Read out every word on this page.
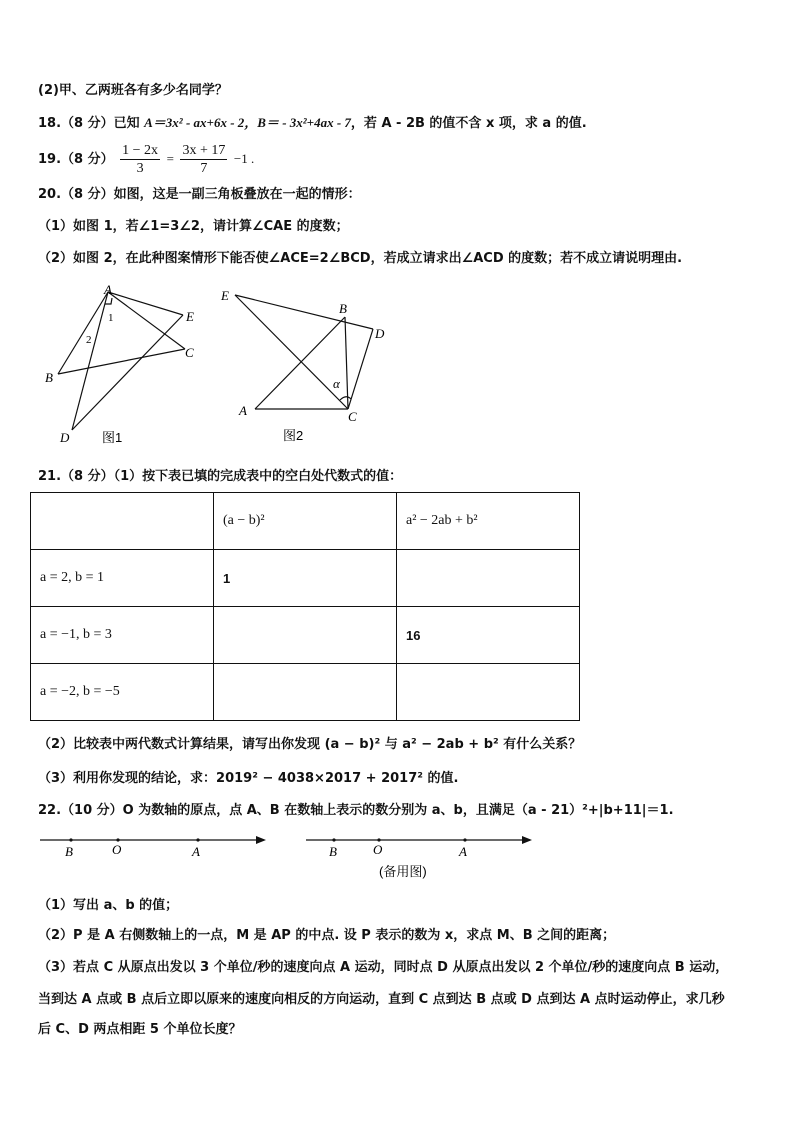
(2)甲、乙两班各有多少名同学？
18.（8 分）已知 A＝3x² - ax+6x - 2，B＝ - 3x²+4ax - 7，若 A - 2B 的值不含 x 项，求 a 的值.
19.（8 分） $\frac{1 - 2x}{3} = \frac{3x + 17}{7} -1$ .
20.（8 分）如图，这是一副三角板叠放在一起的情形：
（1）如图 1，若∠1=3∠2，请计算∠CAE 的度数；
（2）如图 2，在此种图案情形下能否使∠ACE=2∠BCD，若成立请求出∠ACD 的度数；若不成立请说明理由.
A
B
C
D
E
1
2
图1
E
B
D
A	C
α
图2
21.（8 分）（1）按下表已填的完成表中的空白处代数式的值：
	(a − b)²	a² − 2ab + b²
a = 2, b = 1	1	
a = −1, b = 3		16
a = −2, b = −5		
（2）比较表中两代数式计算结果，请写出你发现 (a − b)² 与 a² − 2ab + b² 有什么关系？
（3）利用你发现的结论，求：2019² − 4038×2017 + 2017² 的值.
22.（10 分）O 为数轴的原点，点 A、B 在数轴上表示的数分别为 a、b，且满足（a - 21）²+|b+11|＝1.
B	O	A	B	O	A
(备用图)
（1）写出 a、b 的值；
（2）P 是 A 右侧数轴上的一点，M 是 AP 的中点. 设 P 表示的数为 x，求点 M、B 之间的距离；
（3）若点 C 从原点出发以 3 个单位/秒的速度向点 A 运动，同时点 D 从原点出发以 2 个单位/秒的速度向点 B 运动，
当到达 A 点或 B 点后立即以原来的速度向相反的方向运动，直到 C 点到达 B 点或 D 点到达 A 点时运动停止，求几秒
后 C、D 两点相距 5 个单位长度？
